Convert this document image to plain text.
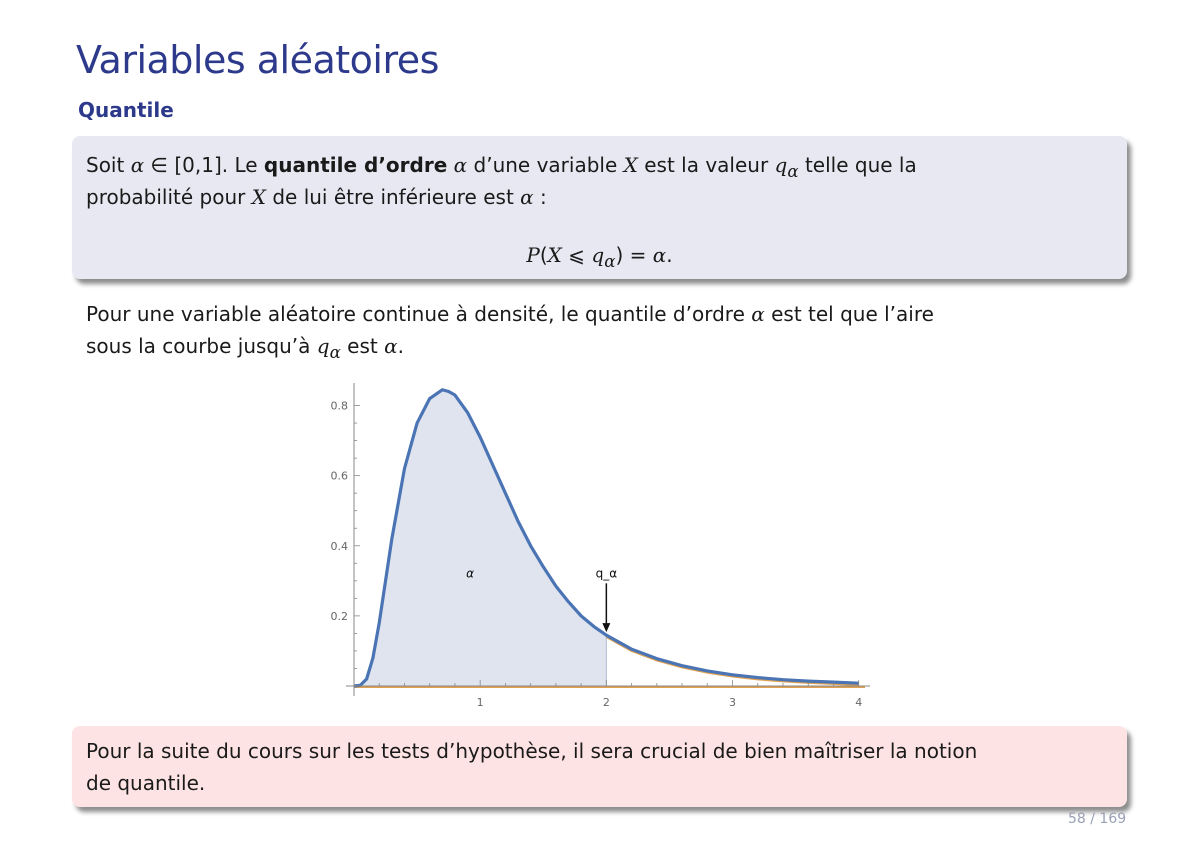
Variables aléatoires
Quantile
Soit α ∈ [0,1]. Le quantile d’ordre α d’une variable X est la valeur $q_\alpha$ telle que la
probabilité pour X de lui être inférieure est α :
P(X ⩽ $q_\alpha) = \alpha$.

Pour une variable aléatoire continue à densité, le quantile d’ordre α est tel que l’aire

sous la courbe jusqu’à $q_\alpha$ est α.

1	2	3	4
0.2
0.4
0.6
0.8
α	q_α
Pour la suite du cours sur les tests d’hypothèse, il sera crucial de bien maîtriser la notion
de quantile.
58 / 169
